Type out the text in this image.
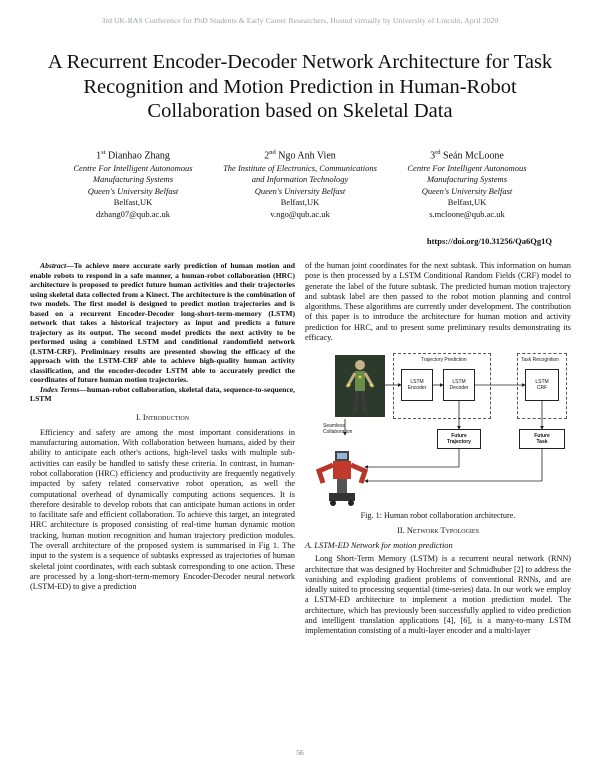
3rd UK-RAS Conference for PhD Students & Early Career Researchers, Hosted virtually by University of Lincoln, April 2020
A Recurrent Encoder-Decoder Network Architecture for Task Recognition and Motion Prediction in Human-Robot Collaboration based on Skeletal Data
1st Dianhao Zhang
Centre For Intelligent Autonomous
Manufacturing Systems
Queen's University Belfast
Belfast,UK
dzhang07@qub.ac.uk
2nd Ngo Anh Vien
The Institute of Electronics, Communications
and Information Technology
Queen's University Belfast
Belfast,UK
v.ngo@qub.ac.uk
3rd Seán McLoone
Centre For Intelligent Autonomous
Manufacturing Systems
Queen's University Belfast
Belfast,UK
s.mcloone@qub.ac.uk
https://doi.org/10.31256/Qa6Qg1Q

Abstract—To achieve more accurate early prediction of human motion and enable robots to respond in a safe manner, a human-robot collaboration (HRC) architecture is proposed to predict future human activities and their trajectories using skeletal data collected from a Kinect. The architecture is the combination of two models. The first model is designed to predict motion trajectories and is based on a recurrent Encoder-Decoder long-short-term-memory (LSTM) network that takes a historical trajectory as input and predicts a future trajectory as its output. The second model predicts the next activity to be performed using a combined LSTM and conditional randomfield network (LSTM-CRF). Preliminary results are presented showing the efficacy of the approach with the LSTM-CRF able to achieve high-quality human activity classification, and the encoder-decoder LSTM able to accurately predict the coordinates of future human motion trajectories.

Index Terms—human-robot collaboration, skeletal data, sequence-to-sequence, LSTM

I. Introduction

Efficiency and safety are among the most important considerations in manufacturing automation. With collaboration between humans, aided by their ability to anticipate each other's actions, high-level tasks with multiple sub-activities can easily be handled to satisfy these criteria. In contrast, in human-robot collaboration (HRC) efficiency and productivity are frequently negatively impacted by safety related conservative robot operation, as well the computational overhead of dynamically computing actions sequences. It is therefore desirable to develop robots that can anticipate human actions in order to facilitate safe and efficient collaboration. To achieve this target, an integrated HRC architecture is proposed consisting of real-time human dynamic motion tracking, human motion recognition and human trajectory prediction modules. The overall architecture of the proposed system is summarised in Fig 1. The input to the system is a sequence of subtasks expressed as trajectories of human skeletal joint coordinates, with each subtask corresponding to one action. These are processed by a long-short-term-memory Encoder-Decoder neural network (LSTM-ED) to give a prediction

of the human joint coordinates for the next subtask. This information on human pose is then processed by a LSTM Conditional Random Fields (CRF) model to generate the label of the future subtask. The predicted human motion trajectory and subtask label are then passed to the robot motion planning and control algorithms. These algorithms are currently under development. The contribution of this paper is to introduce the architecture for human motion and activity prediction for HRC, and to present some preliminary results demonstrating its efficacy.

Trajectory Prediction	Task Recognition
LSTM
Encoder
LSTM
Decoder
LSTM
CRF
Future
Trajectory
Future
Task
Seamless
Collaboration
Fig. 1: Human robot collaboration architecture.
II. Network Typologies
A. LSTM-ED Network for motion prediction

Long Short-Term Memory (LSTM) is a recurrent neural network (RNN) architecture that was designed by Hochreiter and Schmidhuber [2] to address the vanishing and exploding gradient problems of conventional RNNs, and are ideally suited to processing sequential (time-series) data. In our work we employ a LSTM-ED architecture to implement a motion prediction model. The architecture, which has previously been successfully applied to video prediction and intelligent translation applications [4], [6], is a many-to-many LSTM implementation consisting of a multi-layer encoder and a multi-layer

56
